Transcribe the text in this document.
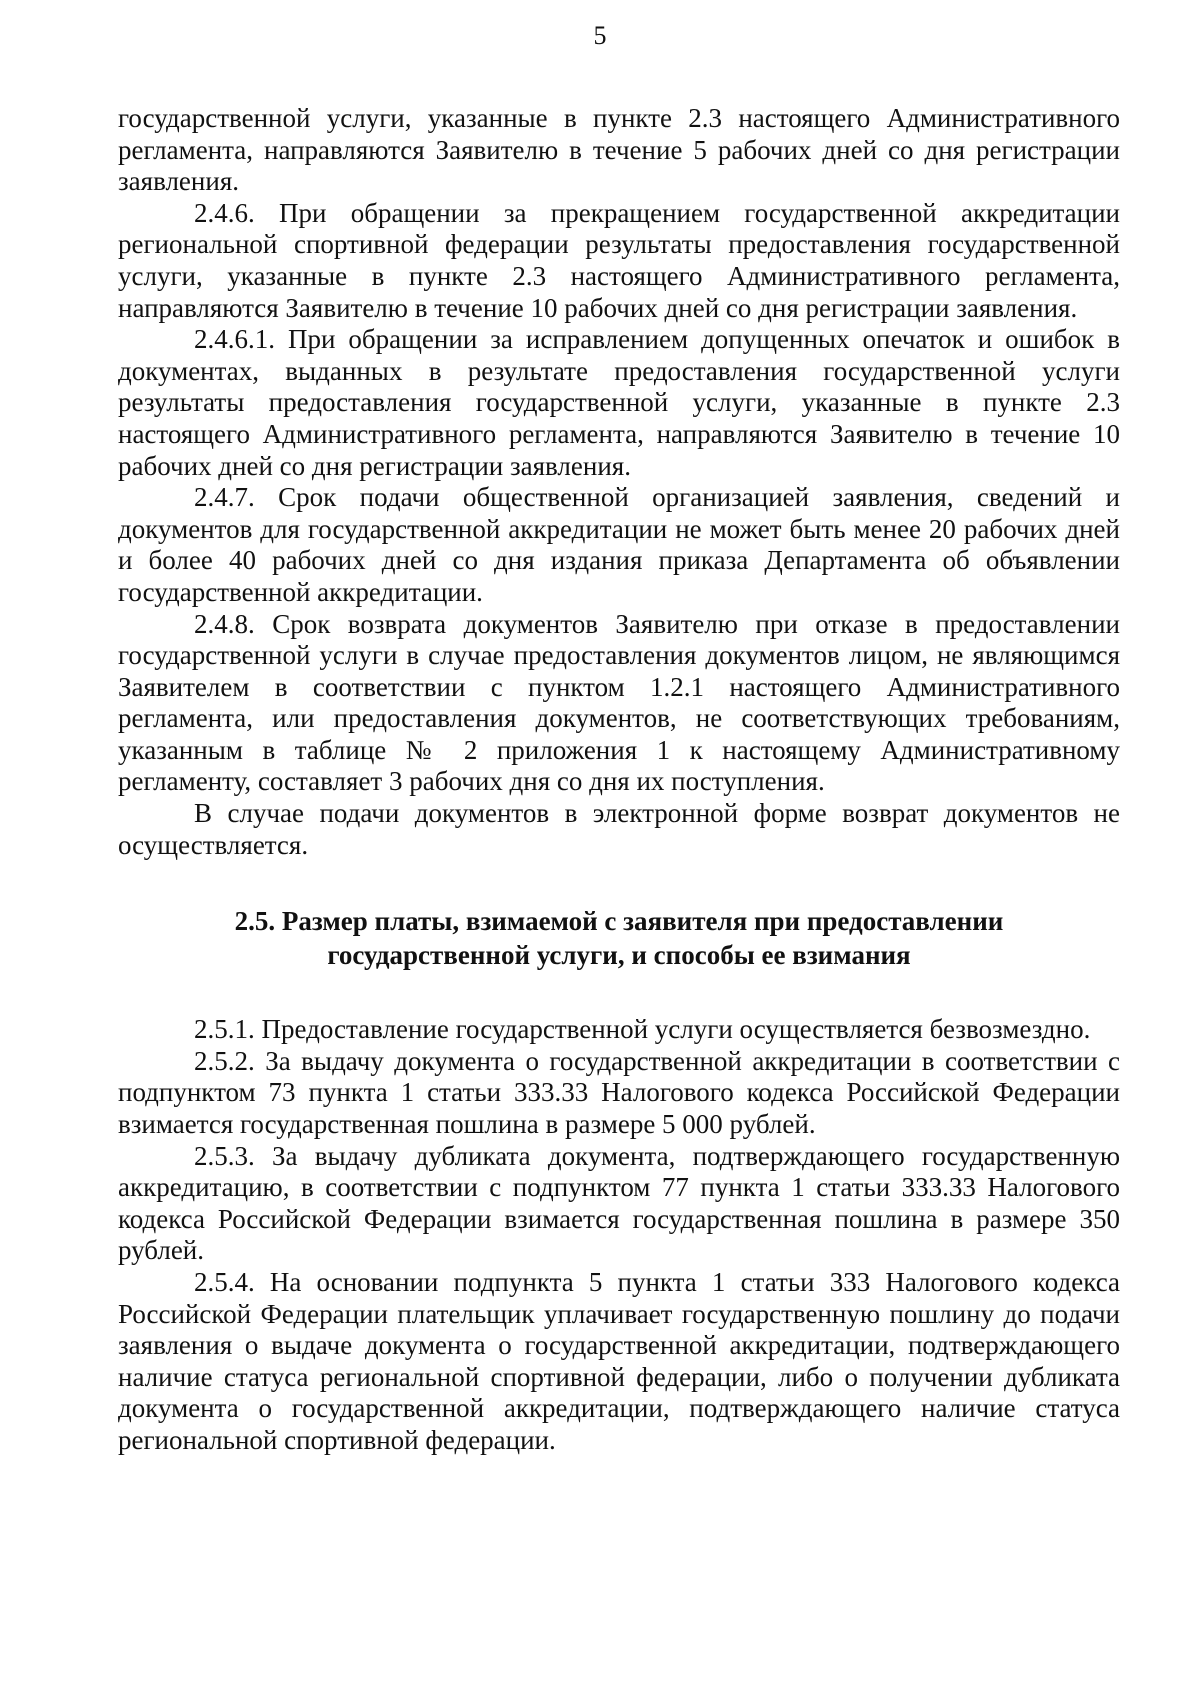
5

государственной услуги, указанные в пункте 2.3 настоящего Административного регламента, направляются Заявителю в течение 5 рабочих дней со дня регистрации заявления.

2.4.6. При обращении за прекращением государственной аккредитации региональной спортивной федерации результаты предоставления государственной услуги, указанные в пункте 2.3 настоящего Административного регламента, направляются Заявителю в течение 10 рабочих дней со дня регистрации заявления.

2.4.6.1. При обращении за исправлением допущенных опечаток и ошибок в документах, выданных в результате предоставления государственной услуги результаты предоставления государственной услуги, указанные в пункте 2.3 настоящего Административного регламента, направляются Заявителю в течение 10 рабочих дней со дня регистрации заявления.

2.4.7. Срок подачи общественной организацией заявления, сведений и документов для государственной аккредитации не может быть менее 20 рабочих дней и более 40 рабочих дней со дня издания приказа Департамента об объявлении государственной аккредитации.

2.4.8. Срок возврата документов Заявителю при отказе в предоставлении государственной услуги в случае предоставления документов лицом, не являющимся Заявителем в соответствии с пунктом 1.2.1 настоящего Административного регламента, или предоставления документов, не соответствующих требованиям, указанным в таблице № 2 приложения 1 к настоящему Административному регламенту, составляет 3 рабочих дня со дня их поступления.

В случае подачи документов в электронной форме возврат документов не осуществляется.

2.5. Размер платы, взимаемой с заявителя при предоставлении
государственной услуги, и способы ее взимания

2.5.1. Предоставление государственной услуги осуществляется безвозмездно.

2.5.2. За выдачу документа о государственной аккредитации в соответствии с подпунктом 73 пункта 1 статьи 333.33 Налогового кодекса Российской Федерации взимается государственная пошлина в размере 5 000 рублей.

2.5.3. За выдачу дубликата документа, подтверждающего государственную аккредитацию, в соответствии с подпунктом 77 пункта 1 статьи 333.33 Налогового кодекса Российской Федерации взимается государственная пошлина в размере 350 рублей.

2.5.4. На основании подпункта 5 пункта 1 статьи 333 Налогового кодекса Российской Федерации плательщик уплачивает государственную пошлину до подачи заявления о выдаче документа о государственной аккредитации, подтверждающего наличие статуса региональной спортивной федерации, либо о получении дубликата документа о государственной аккредитации, подтверждающего наличие статуса региональной спортивной федерации.
